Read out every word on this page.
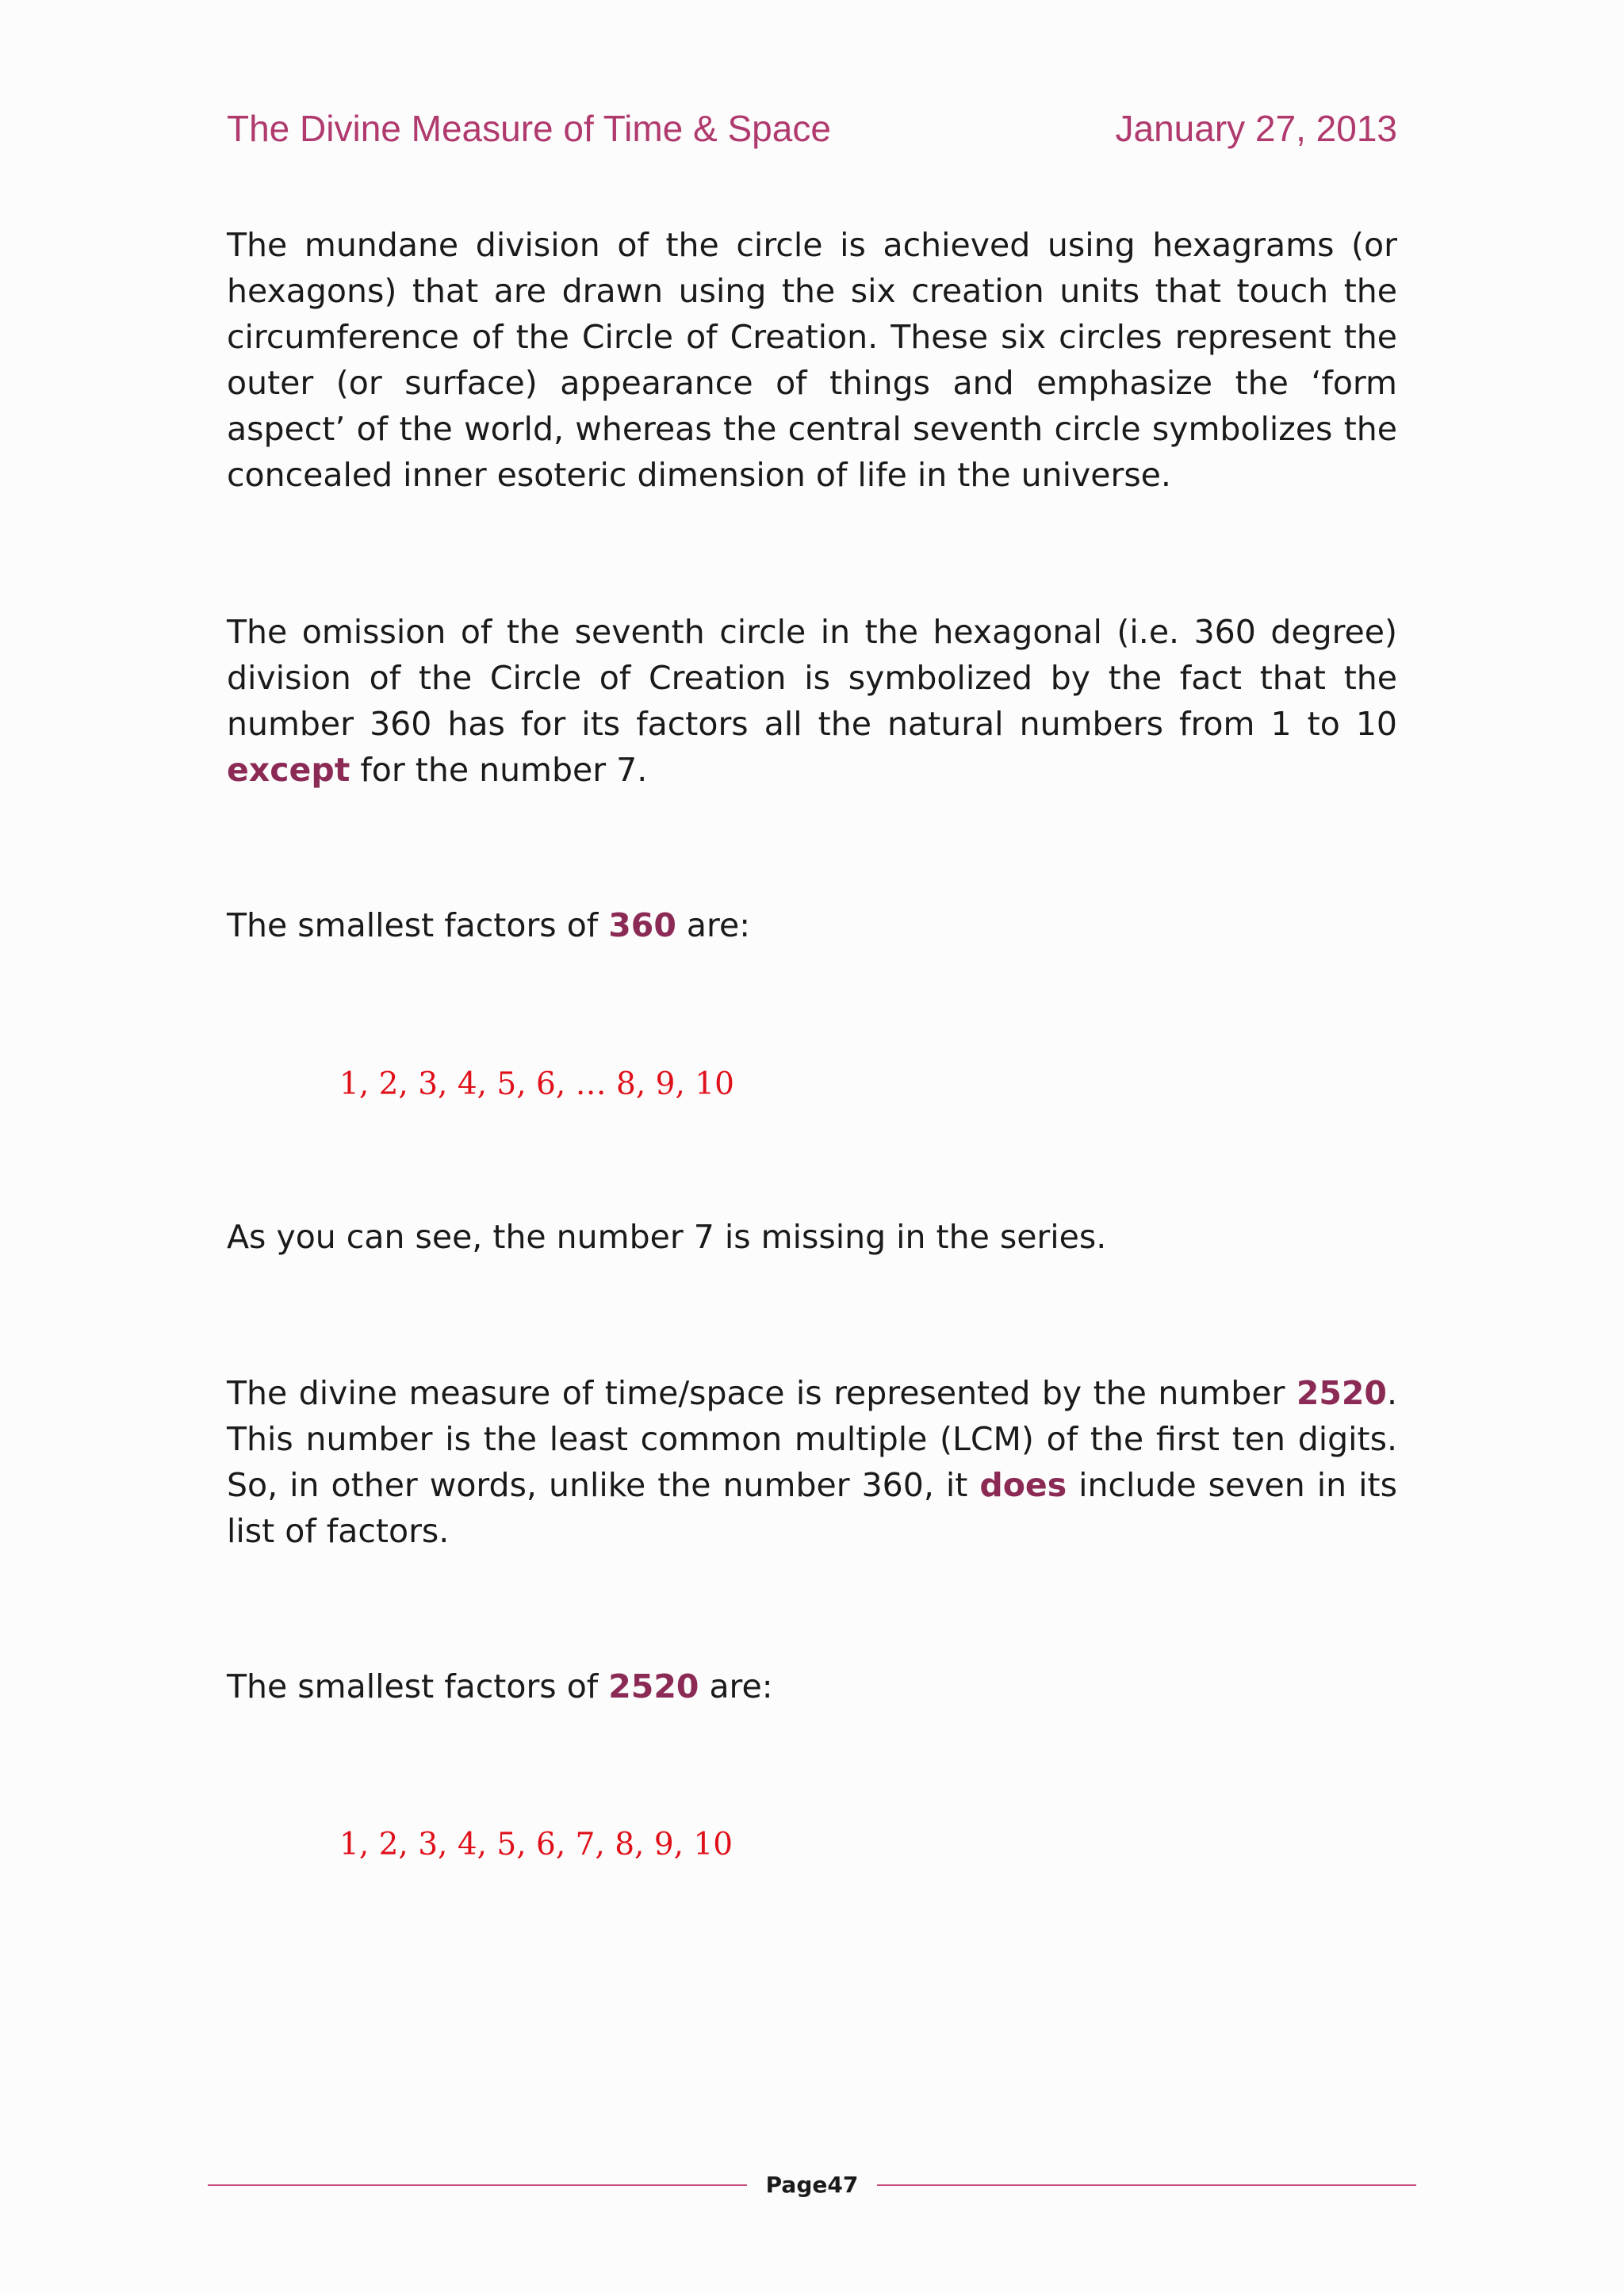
The Divine Measure of Time & Space	January 27, 2013

The mundane division of the circle is achieved using hexagrams (or hexagons) that are drawn using the six creation units that touch the circumference of the Circle of Creation. These six circles represent the outer (or surface) appearance of things and emphasize the ‘form aspect’ of the world, whereas the central seventh circle symbolizes the concealed inner esoteric dimension of life in the universe.

The omission of the seventh circle in the hexagonal (i.e. 360 degree) division of the Circle of Creation is symbolized by the fact that the number 360 has for its factors all the natural numbers from 1 to 10 except for the number 7.

The smallest factors of 360 are:

1, 2, 3, 4, 5, 6, … 8, 9, 10

As you can see, the number 7 is missing in the series.

The divine measure of time/space is represented by the number 2520. This number is the least common multiple (LCM) of the first ten digits. So, in other words, unlike the number 360, it does include seven in its list of factors.

The smallest factors of 2520 are:

1, 2, 3, 4, 5, 6, 7, 8, 9, 10
Page47
